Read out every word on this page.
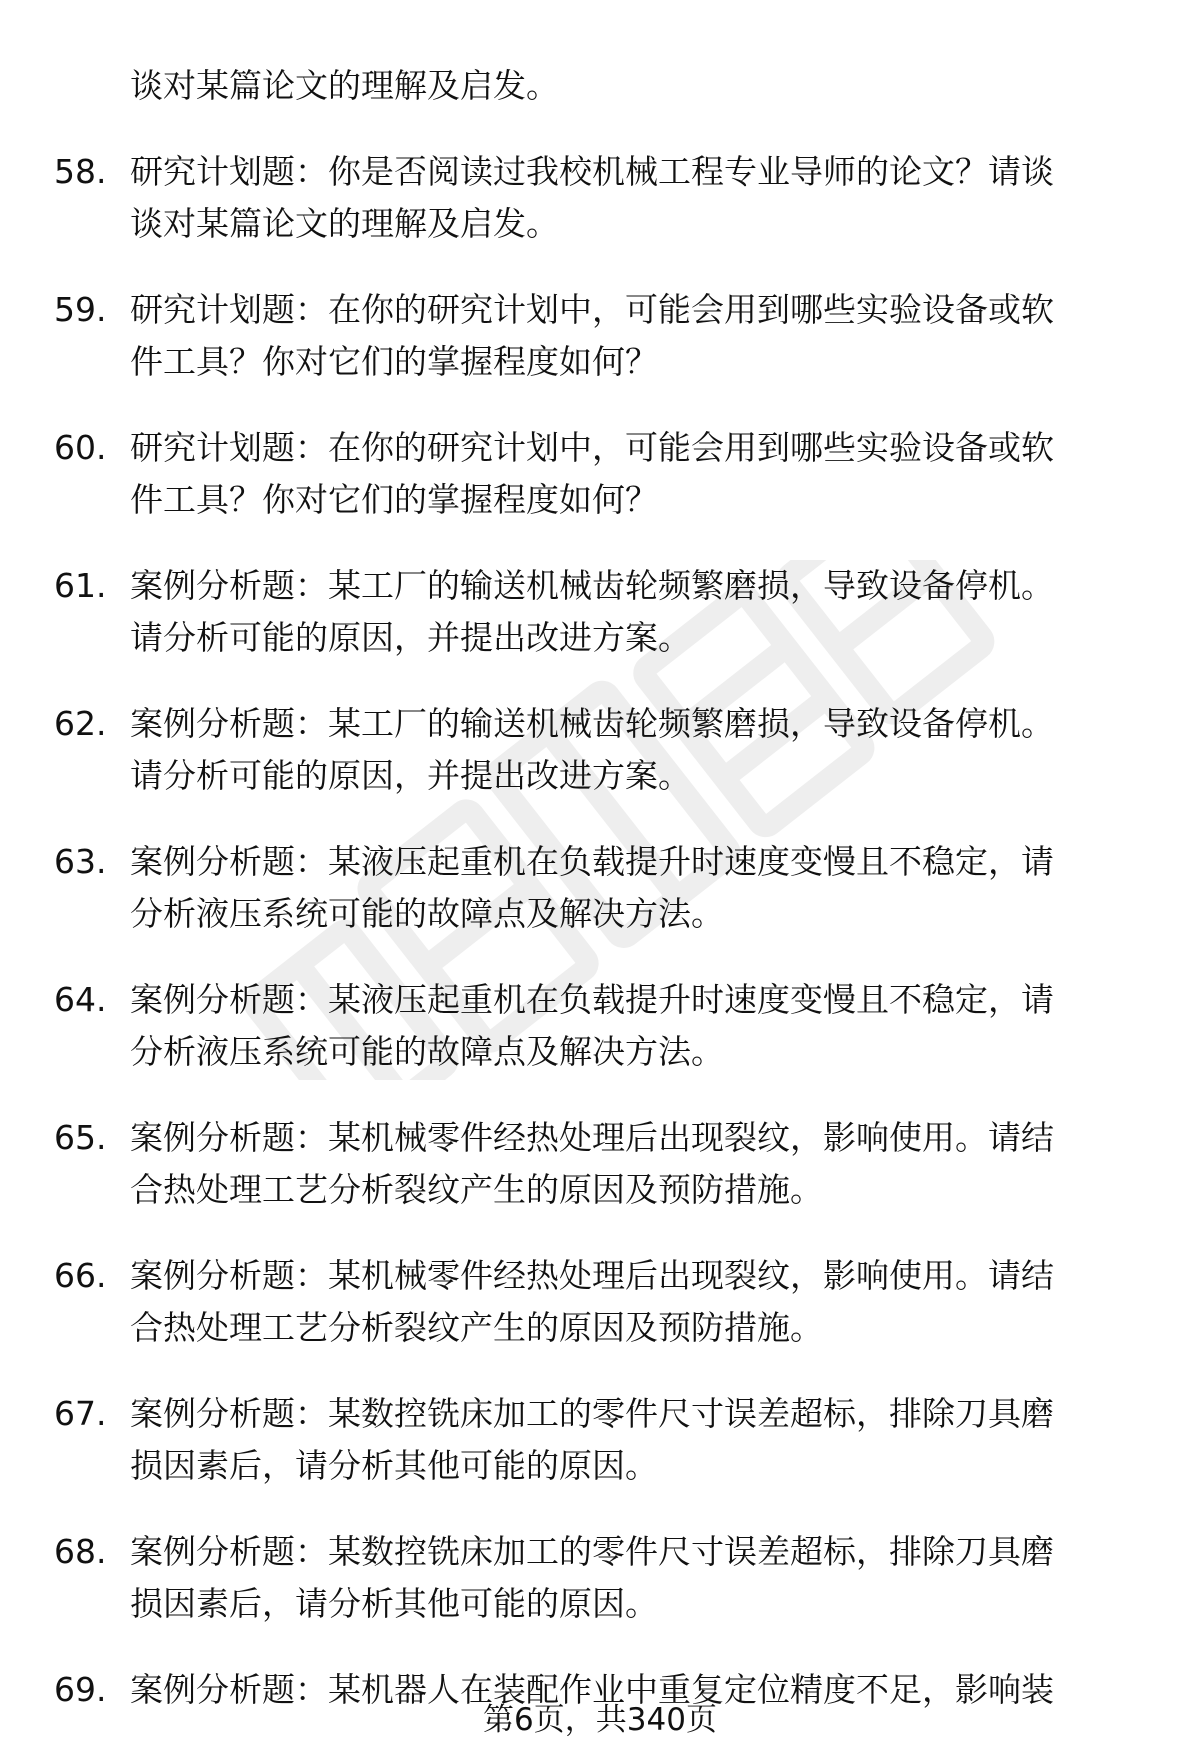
谈对某篇论文的理解及启发。
58. 研究计划题：你是否阅读过我校机械工程专业导师的论文？请谈
谈对某篇论文的理解及启发。
59. 研究计划题：在你的研究计划中，可能会用到哪些实验设备或软
件工具？你对它们的掌握程度如何？
60. 研究计划题：在你的研究计划中，可能会用到哪些实验设备或软
件工具？你对它们的掌握程度如何？
61. 案例分析题：某工厂的输送机械齿轮频繁磨损，导致设备停机。
请分析可能的原因，并提出改进方案。
62. 案例分析题：某工厂的输送机械齿轮频繁磨损，导致设备停机。
请分析可能的原因，并提出改进方案。
63. 案例分析题：某液压起重机在负载提升时速度变慢且不稳定，请
分析液压系统可能的故障点及解决方法。
64. 案例分析题：某液压起重机在负载提升时速度变慢且不稳定，请
分析液压系统可能的故障点及解决方法。
65. 案例分析题：某机械零件经热处理后出现裂纹，影响使用。请结
合热处理工艺分析裂纹产生的原因及预防措施。
66. 案例分析题：某机械零件经热处理后出现裂纹，影响使用。请结
合热处理工艺分析裂纹产生的原因及预防措施。
67. 案例分析题：某数控铣床加工的零件尺寸误差超标，排除刀具磨
损因素后，请分析其他可能的原因。
68. 案例分析题：某数控铣床加工的零件尺寸误差超标，排除刀具磨
损因素后，请分析其他可能的原因。
69. 案例分析题：某机器人在装配作业中重复定位精度不足，影响装
第6页，共340页
